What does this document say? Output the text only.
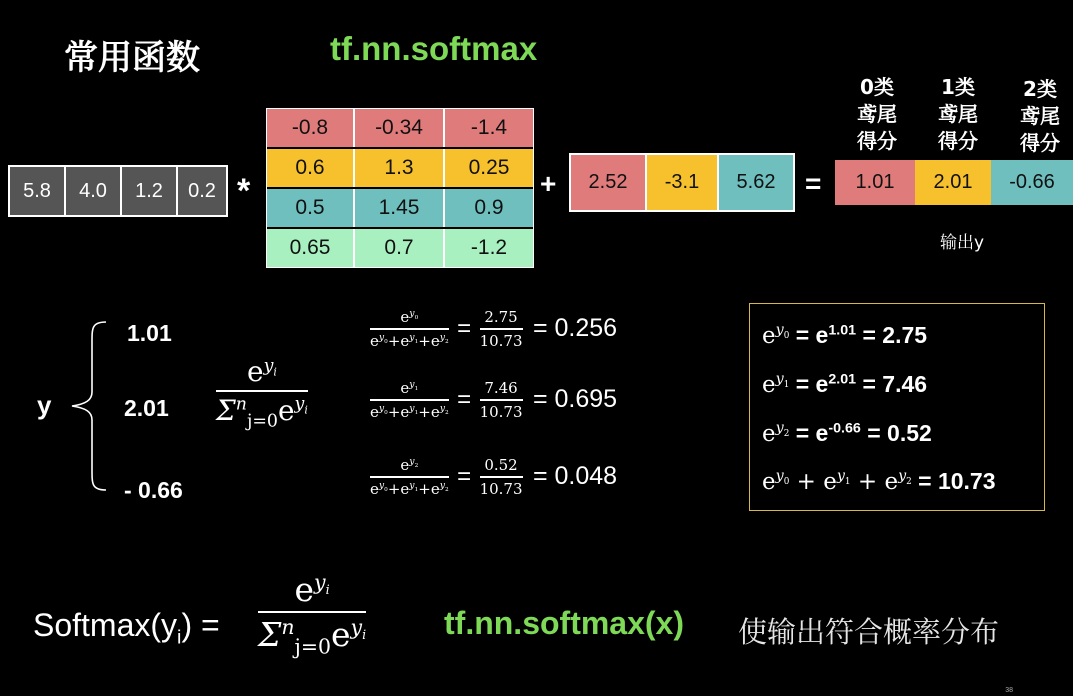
常用函数	tf.nn.softmax
5.8	4.0	1.2	0.2 *
-0.8	-0.34	-1.4
0.6	1.3	0.25
0.5	1.45	0.9
0.65	0.7	-1.2
+	2.52	-3.1	5.62	=
0类
鸢尾
得分
1类
鸢尾
得分
2类
鸢尾
得分
1.01	2.01	-0.66
输出y
y
1.01
2.01
- 0.66
$e^{y_i}$
$\Sigma^n_{j=0}e^{y_i}$
$\frac{e^{y_0}}{e^{y_0}+e^{y_1}+e^{y_2}} = \frac{2.75}{10.73} = 0.256$
$\frac{e^{y_1}}{e^{y_0}+e^{y_1}+e^{y_2}} = \frac{7.46}{10.73} = 0.695$
$\frac{e^{y_2}}{e^{y_0}+e^{y_1}+e^{y_2}} = \frac{0.52}{10.73} = 0.048$
$e^{y_0} = e^{1.01} = 2.75$
$e^{y_1} = e^{2.01} = 7.46$
$e^{y_2} = e^{-0.66} = 0.52$
$e^{y_0} + e^{y_1} + e^{y_2} = 10.73$
$Softmax(y_i)$ =
$e^{y_i}$
$\Sigma^n_{j=0}e^{y_i}$ tf.nn.softmax(x) 使输出符合概率分布
38
